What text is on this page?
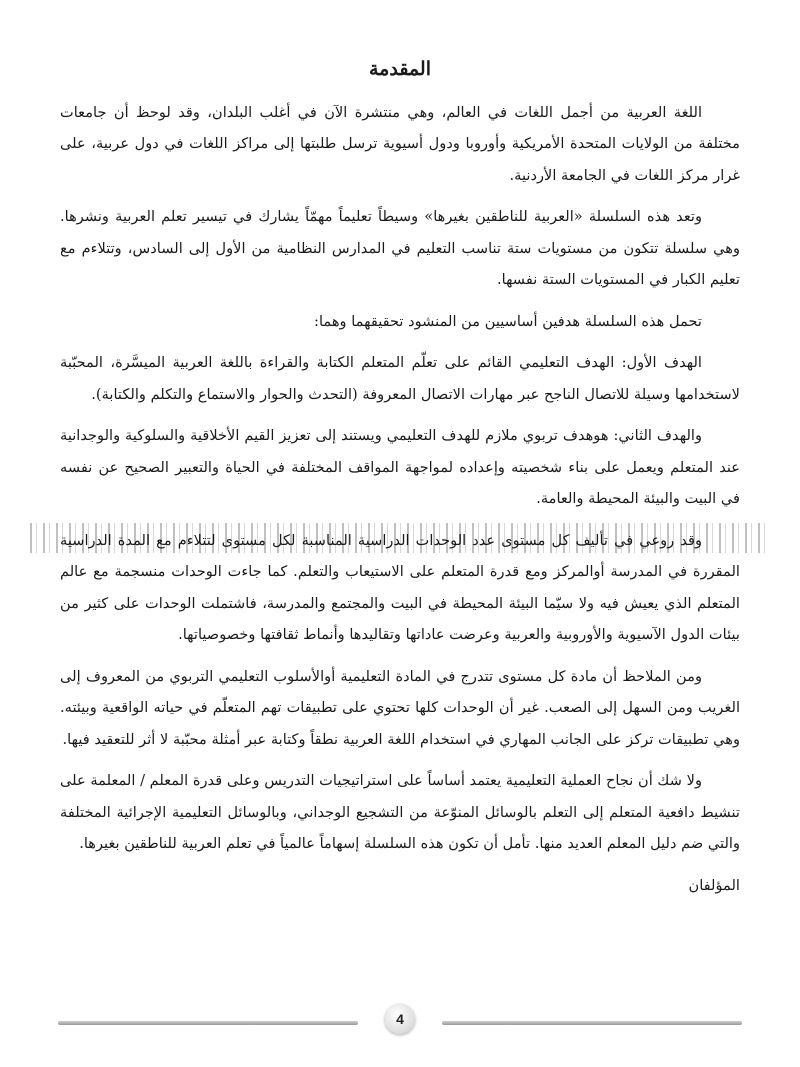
المقدمة

اللغة العربية من أجمل اللغات في العالم، وهي منتشرة الآن في أغلب البلدان، وقد لوحظ أن جامعات مختلفة من الولايات المتحدة الأمريكية وأوروبا ودول أسيوية ترسل طلبتها إلى مراكز اللغات في دول عربية، على غرار مركز اللغات في الجامعة الأردنية.

وتعد هذه السلسلة «العربية للناطقين بغيرها» وسيطاً تعليماً مهمّاً يشارك في تيسير تعلم العربية ونشرها. وهي سلسلة تتكون من مستويات ستة تناسب التعليم في المدارس النظامية من الأول إلى السادس، وتتلاءم مع تعليم الكبار في المستويات الستة نفسها.

تحمل هذه السلسلة هدفين أساسيين من المنشود تحقيقهما وهما:

الهدف الأول: الهدف التعليمي القائم على تعلّم المتعلم الكتابة والقراءة باللغة العربية الميسَّرة، المحبّبة لاستخدامها وسيلة للاتصال الناجح عبر مهارات الاتصال المعروفة (التحدث والحوار والاستماع والتكلم والكتابة).

والهدف الثاني: هوهدف تربوي ملازم للهدف التعليمي ويستند إلى تعزيز القيم الأخلاقية والسلوكية والوجدانية عند المتعلم ويعمل على بناء شخصيته وإعداده لمواجهة المواقف المختلفة في الحياة والتعبير الصحيح عن نفسه في البيت والبيئة المحيطة والعامة.

وقد روعي في تأليف كل مستوى عدد الوحدات الدراسية المناسبة لكل مستوى لتتلاءم مع المدة الدراسية المقررة في المدرسة أوالمركز ومع قدرة المتعلم على الاستيعاب والتعلم. كما جاءت الوحدات منسجمة مع عالم المتعلم الذي يعيش فيه ولا سيّما البيئة المحيطة في البيت والمجتمع والمدرسة، فاشتملت الوحدات على كثير من بيئات الدول الآسيوية والأوروبية والعربية وعرضت عاداتها وتقاليدها وأنماط ثقافتها وخصوصياتها.

ومن الملاحظ أن مادة كل مستوى تتدرج في المادة التعليمية أوالأسلوب التعليمي التربوي من المعروف إلى الغريب ومن السهل إلى الصعب. غير أن الوحدات كلها تحتوي على تطبيقات تهم المتعلّم في حياته الواقعية وبيئته. وهي تطبيقات تركز على الجانب المهاري في استخدام اللغة العربية نطقاً وكتابة عبر أمثلة محبّبة لا أثر للتعقيد فيها.

ولا شك أن نجاح العملية التعليمية يعتمد أساساً على استراتيجيات التدريس وعلى قدرة المعلم / المعلمة على تنشيط دافعية المتعلم إلى التعلم بالوسائل المنوّعة من التشجيع الوجداني، وبالوسائل التعليمية الإجرائية المختلفة والتي ضم دليل المعلم العديد منها. تأمل أن تكون هذه السلسلة إسهاماً عالمياً في تعلم العربية للناطقين بغيرها.

المؤلفان
4
